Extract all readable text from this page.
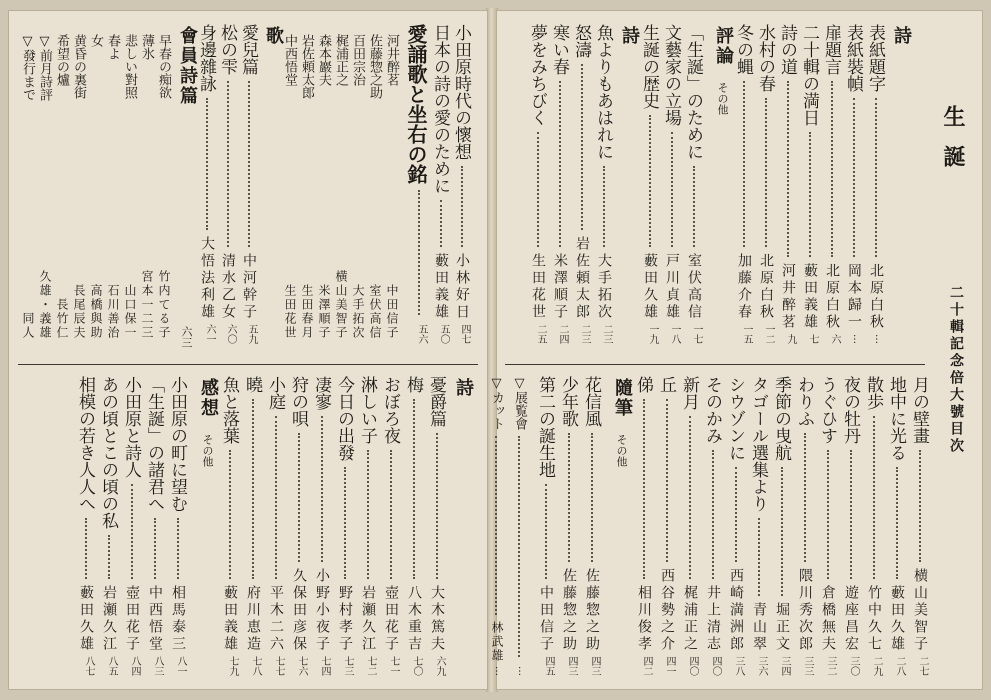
生誕
二十輯記念倍大號目次
詩
表紙題字
北原白秋
…
表紙裝幀
岡本歸一
…
扉題言
北原白秋
六
二十輯の満日
藪田義雄
七
詩の道
河井醉茗
九
水村の春
北原白秋
一二
冬の蝿
加藤介春
一五
評論
その他
「生誕」のために
室伏高信
一七
文藝家の立場
戸川貞雄
一八
生誕の歴史
藪田久雄
一九
詩
魚よりもあはれに
大手拓次
二三
怒濤
岩佐頼太郎
二三
寒い春
米澤順子
二四
夢をみちびく
生田花世
二五
月の壁畫
横山美智子
二七
地中に光る
藪田久雄
二八
散歩
竹中久七
二九
夜の牡丹
遊座昌宏
三〇
うぐひす
倉橋無夫
三二
わりふ
隈川秀次郎
三三
季節の曳航
堀正文
三四
タゴール選集より
青山翠
三六
シウゾンに
西崎満洲郎
三八
そのかみ
井上清志
四〇
新月
梶浦正之
四〇
丘
西谷勢之介
四一
俤
相川俊孝
四二
隨筆
その他
花信風
佐藤惣之助
四三
少年歌
佐藤惣之助
四三
第二の誕生地
中田信子
四五
▽展覧會
…
▽カット
林武雄
…
小田原時代の懷想
小林好日
四七
日本の詩の愛のために
藪田義雄
五〇
愛誦歌と坐右の銘
五六
河井醉茗
中田信子
佐藤惣之助
室伏高信
百田宗治
大手拓次
梶浦正之
横山美智子
森本巖夫
米澤順子
岩佐頼太郎
生田春月
中西悟堂
生田花世
歌
愛兒篇
中河幹子
五九
松の雫
清水乙女
六〇
身邊雜詠
大悟法利雄
六一
會員詩篇
六三
早春の痴欲
竹内てる子
薄氷
宮本一二三
悲しい對照
山口保一
春よ
石川善治
女
高橋與助
黄昏の裏街
長尾辰夫
希望の爐
長竹仁
▽前月詩評
久雄・義雄
▽發行まで
同人
詩
憂爵篇
大木篤夫
六九
梅
八木重吉
七〇
おぼろ夜
壺田花子
七一
淋しい子
岩瀬久江
七二
今日の出發
野村孝子
七三
凄寥
小野小夜子
七四
狩の唄
久保田彦保
七六
小庭
平木二六
七七
曉
府川恵造
七八
魚と落葉
藪田義雄
七九
感想
その他
小田原の町に望む
相馬泰三
八一
「生誕」の諸君へ
中西悟堂
八三
小田原と詩人
壺田花子
八四
あの頃とこの頃の私
岩瀬久江
八五
相模の若き人人へ
藪田久雄
八七
